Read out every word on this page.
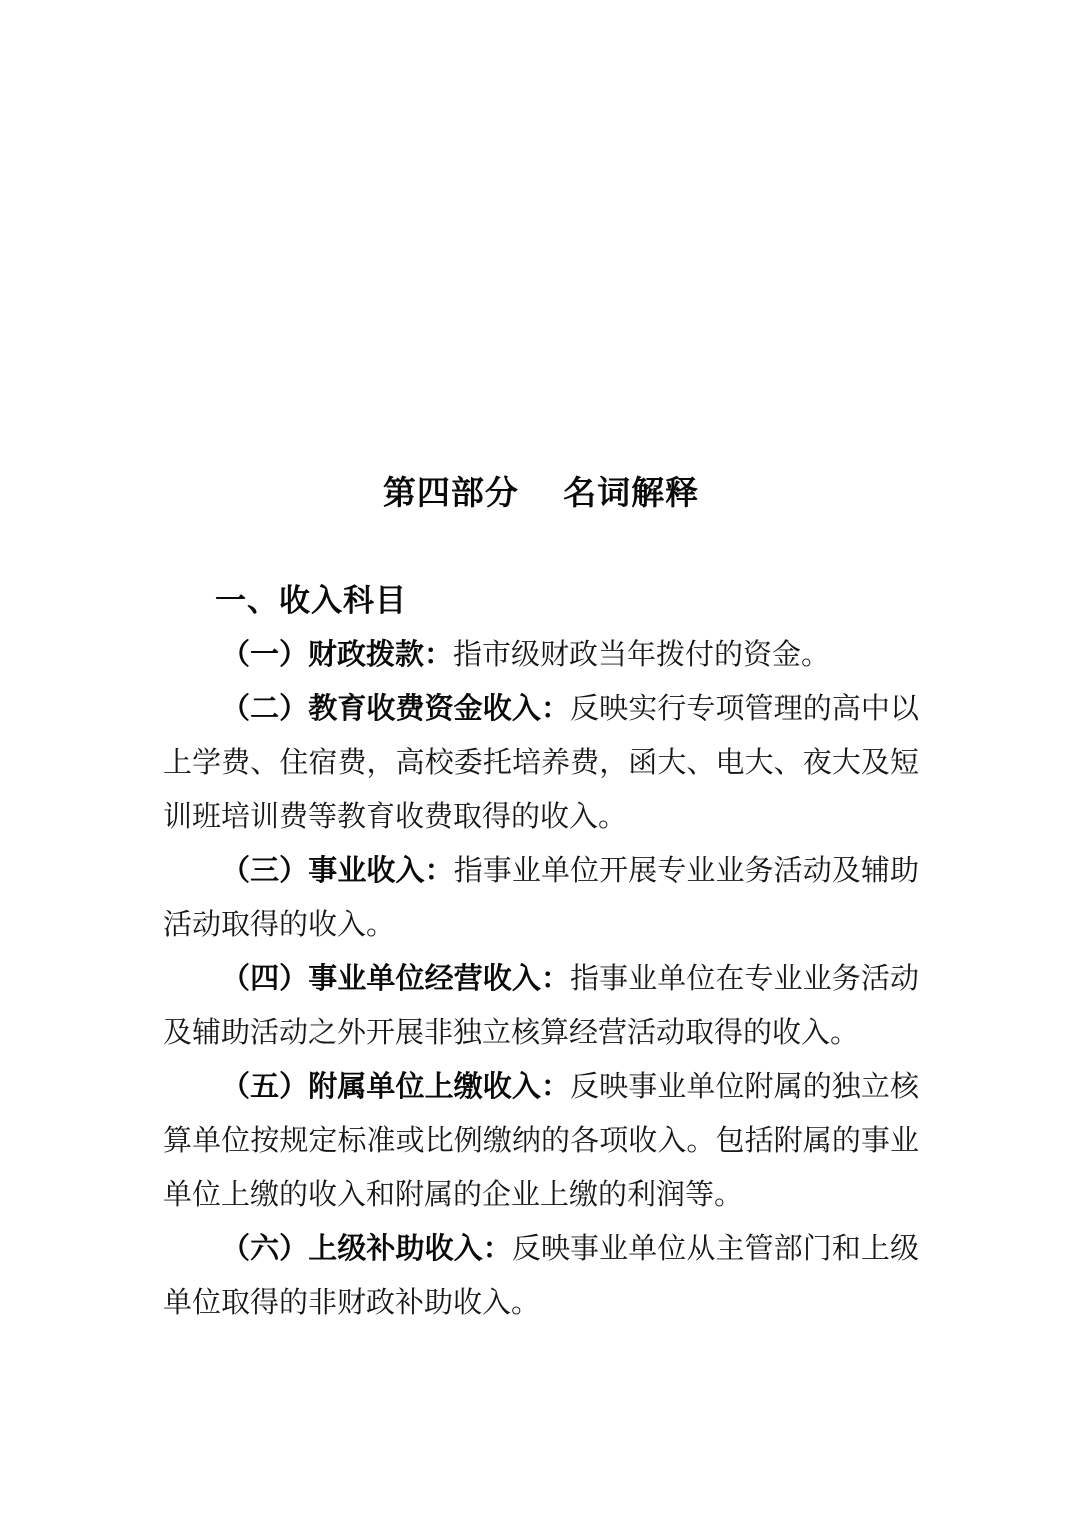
第四部分　 名词解释
一、收入科目

（一）财政拨款：指市级财政当年拨付的资金。

（二）教育收费资金收入：反映实行专项管理的高中以上学费、住宿费，高校委托培养费，函大、电大、夜大及短训班培训费等教育收费取得的收入。

（三）事业收入：指事业单位开展专业业务活动及辅助活动取得的收入。

（四）事业单位经营收入：指事业单位在专业业务活动及辅助活动之外开展非独立核算经营活动取得的收入。

（五）附属单位上缴收入：反映事业单位附属的独立核算单位按规定标准或比例缴纳的各项收入。包括附属的事业单位上缴的收入和附属的企业上缴的利润等。

（六）上级补助收入：反映事业单位从主管部门和上级单位取得的非财政补助收入。
